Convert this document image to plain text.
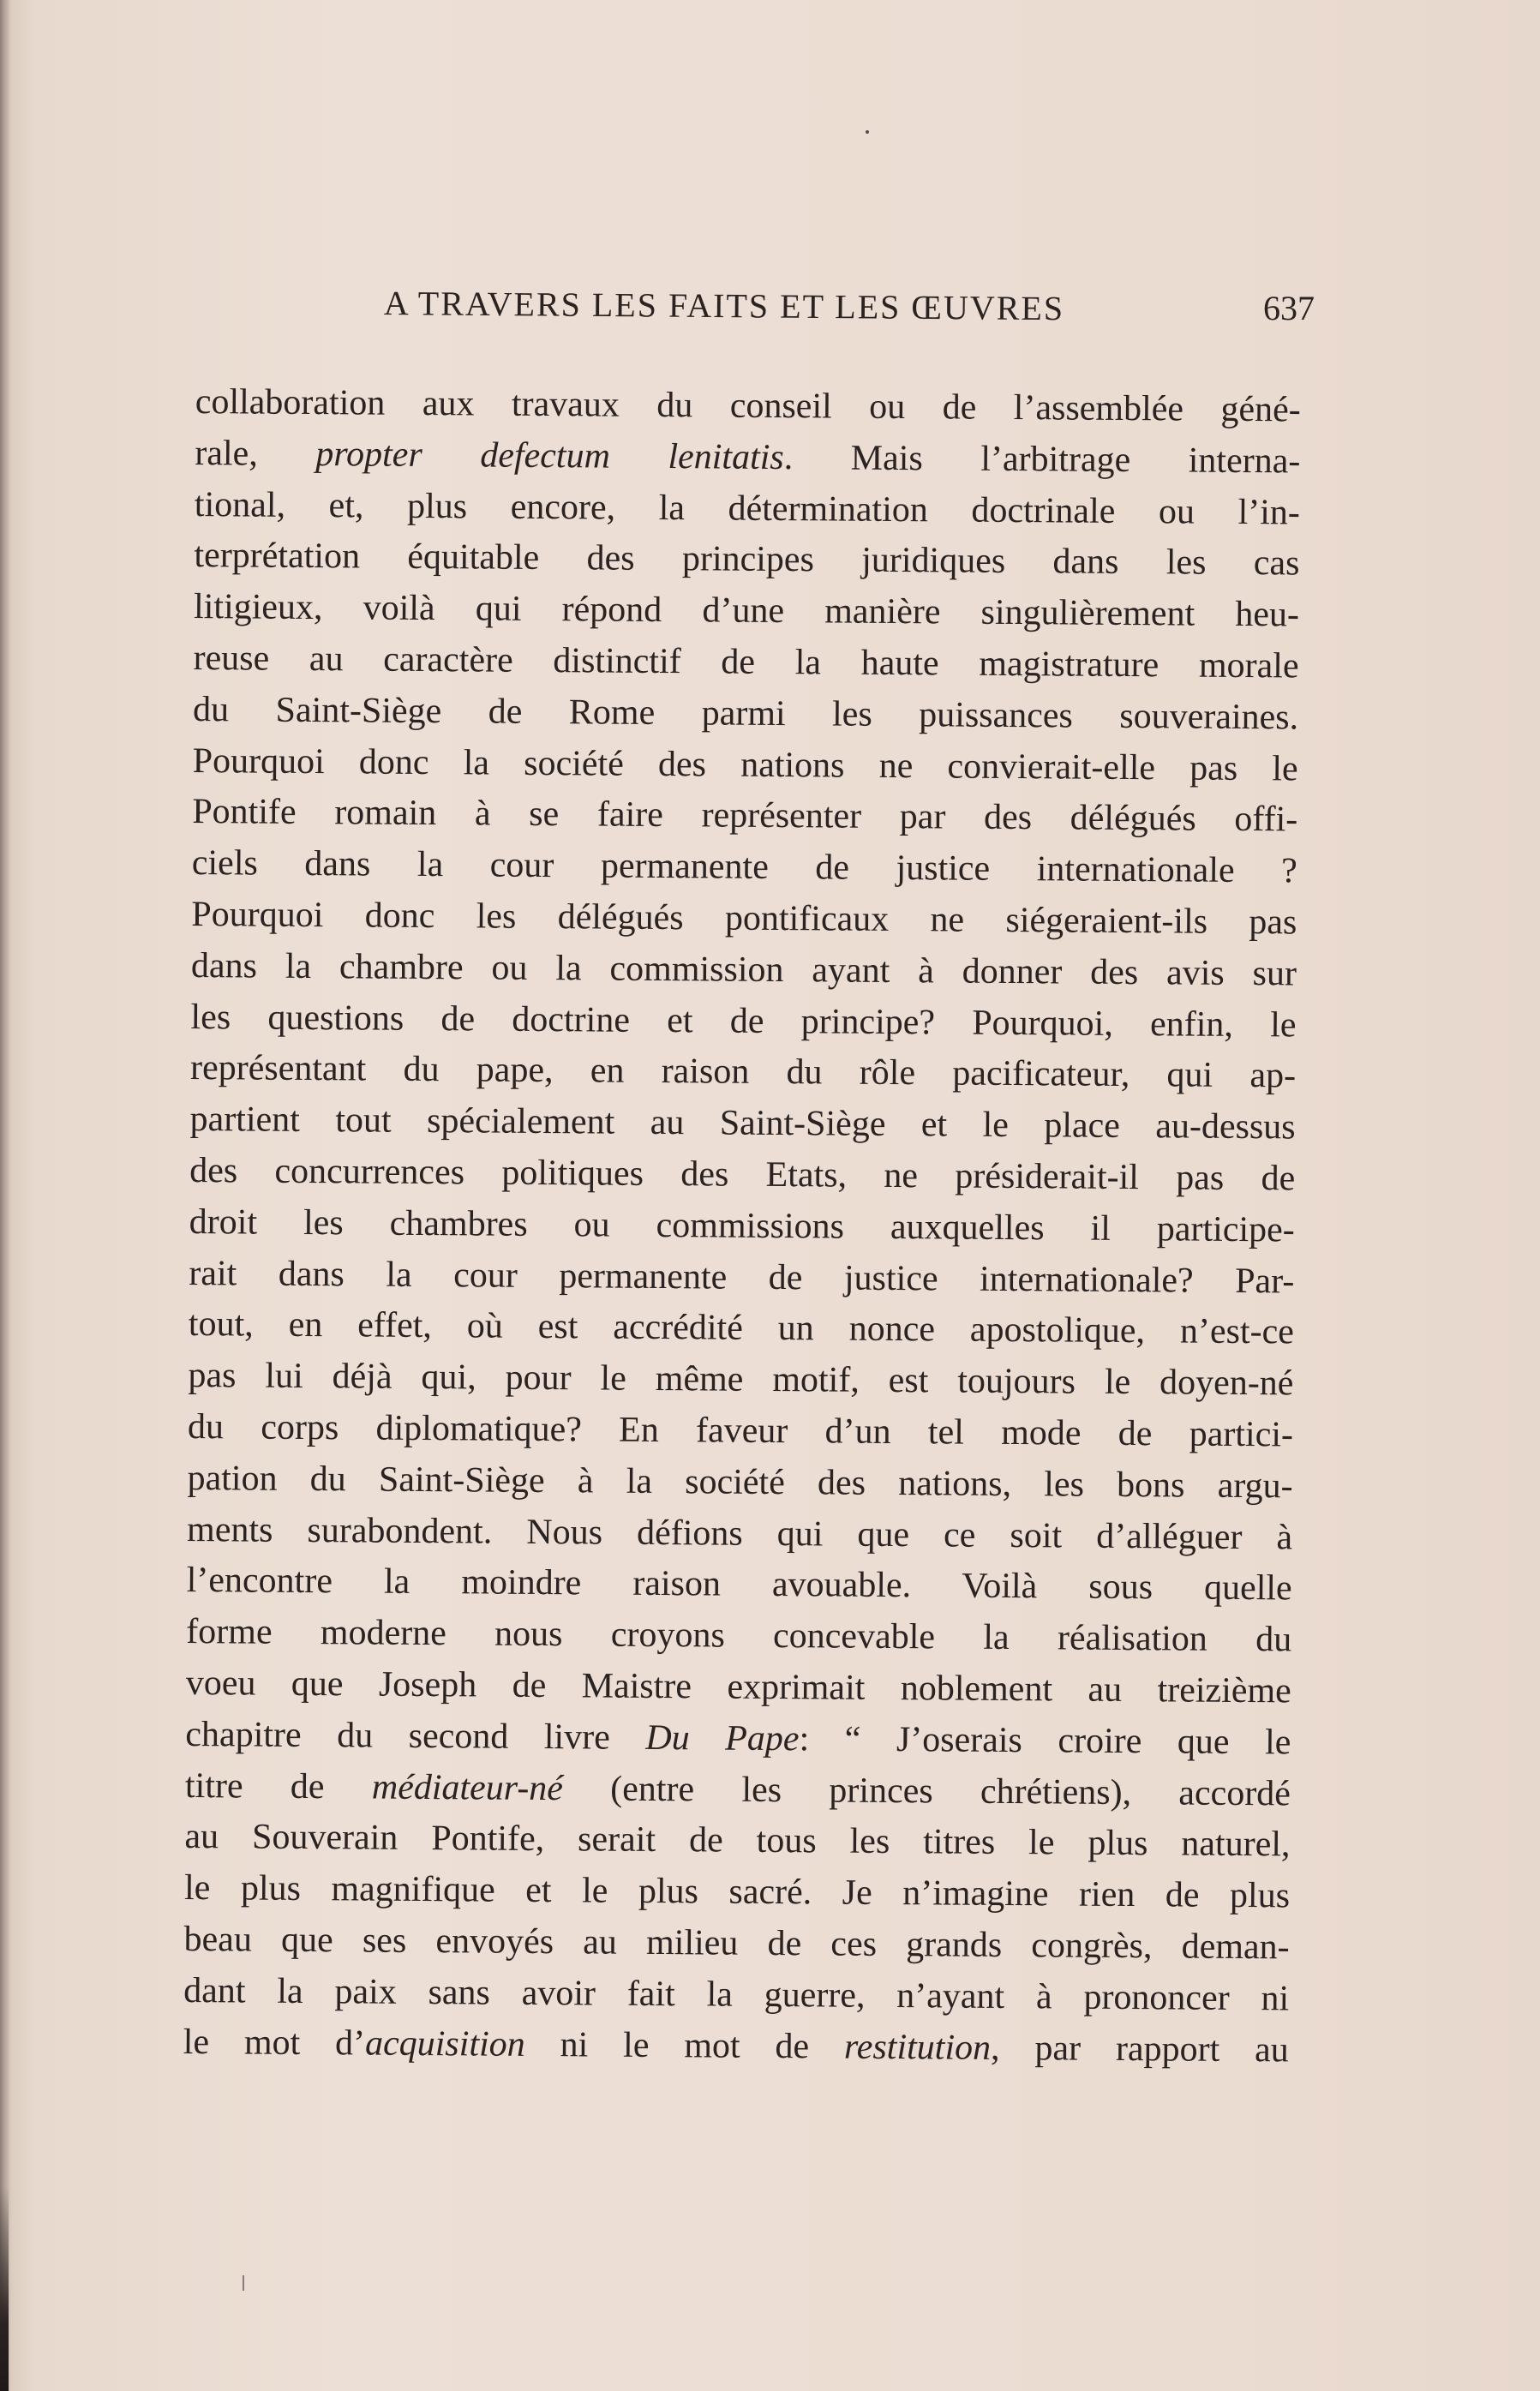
A TRAVERS LES FAITS ET LES ŒUVRES	637
collaboration aux travaux du conseil ou de l’assemblée géné-
rale, propter defectum lenitatis. Mais l’arbitrage interna-
tional, et, plus encore, la détermination doctrinale ou l’in-
terprétation équitable des principes juridiques dans les cas
litigieux, voilà qui répond d’une manière singulièrement heu-
reuse au caractère distinctif de la haute magistrature morale
du Saint-Siège de Rome parmi les puissances souveraines.
Pourquoi donc la société des nations ne convierait-elle pas le
Pontife romain à se faire représenter par des délégués offi-
ciels dans la cour permanente de justice internationale ?
Pourquoi donc les délégués pontificaux ne siégeraient-ils pas
dans la chambre ou la commission ayant à donner des avis sur
les questions de doctrine et de principe? Pourquoi, enfin, le
représentant du pape, en raison du rôle pacificateur, qui ap-
partient tout spécialement au Saint-Siège et le place au-dessus
des concurrences politiques des Etats, ne présiderait-il pas de
droit les chambres ou commissions auxquelles il participe-
rait dans la cour permanente de justice internationale? Par-
tout, en effet, où est accrédité un nonce apostolique, n’est-ce
pas lui déjà qui, pour le même motif, est toujours le doyen-né
du corps diplomatique? En faveur d’un tel mode de partici-
pation du Saint-Siège à la société des nations, les bons argu-
ments surabondent. Nous défions qui que ce soit d’alléguer à
l’encontre la moindre raison avouable. Voilà sous quelle
forme moderne nous croyons concevable la réalisation du
voeu que Joseph de Maistre exprimait noblement au treizième
chapitre du second livre Du Pape: “ J’oserais croire que le
titre de médiateur-né (entre les princes chrétiens), accordé
au Souverain Pontife, serait de tous les titres le plus naturel,
le plus magnifique et le plus sacré. Je n’imagine rien de plus
beau que ses envoyés au milieu de ces grands congrès, deman-
dant la paix sans avoir fait la guerre, n’ayant à prononcer ni
le mot d’acquisition ni le mot de restitution, par rapport au
